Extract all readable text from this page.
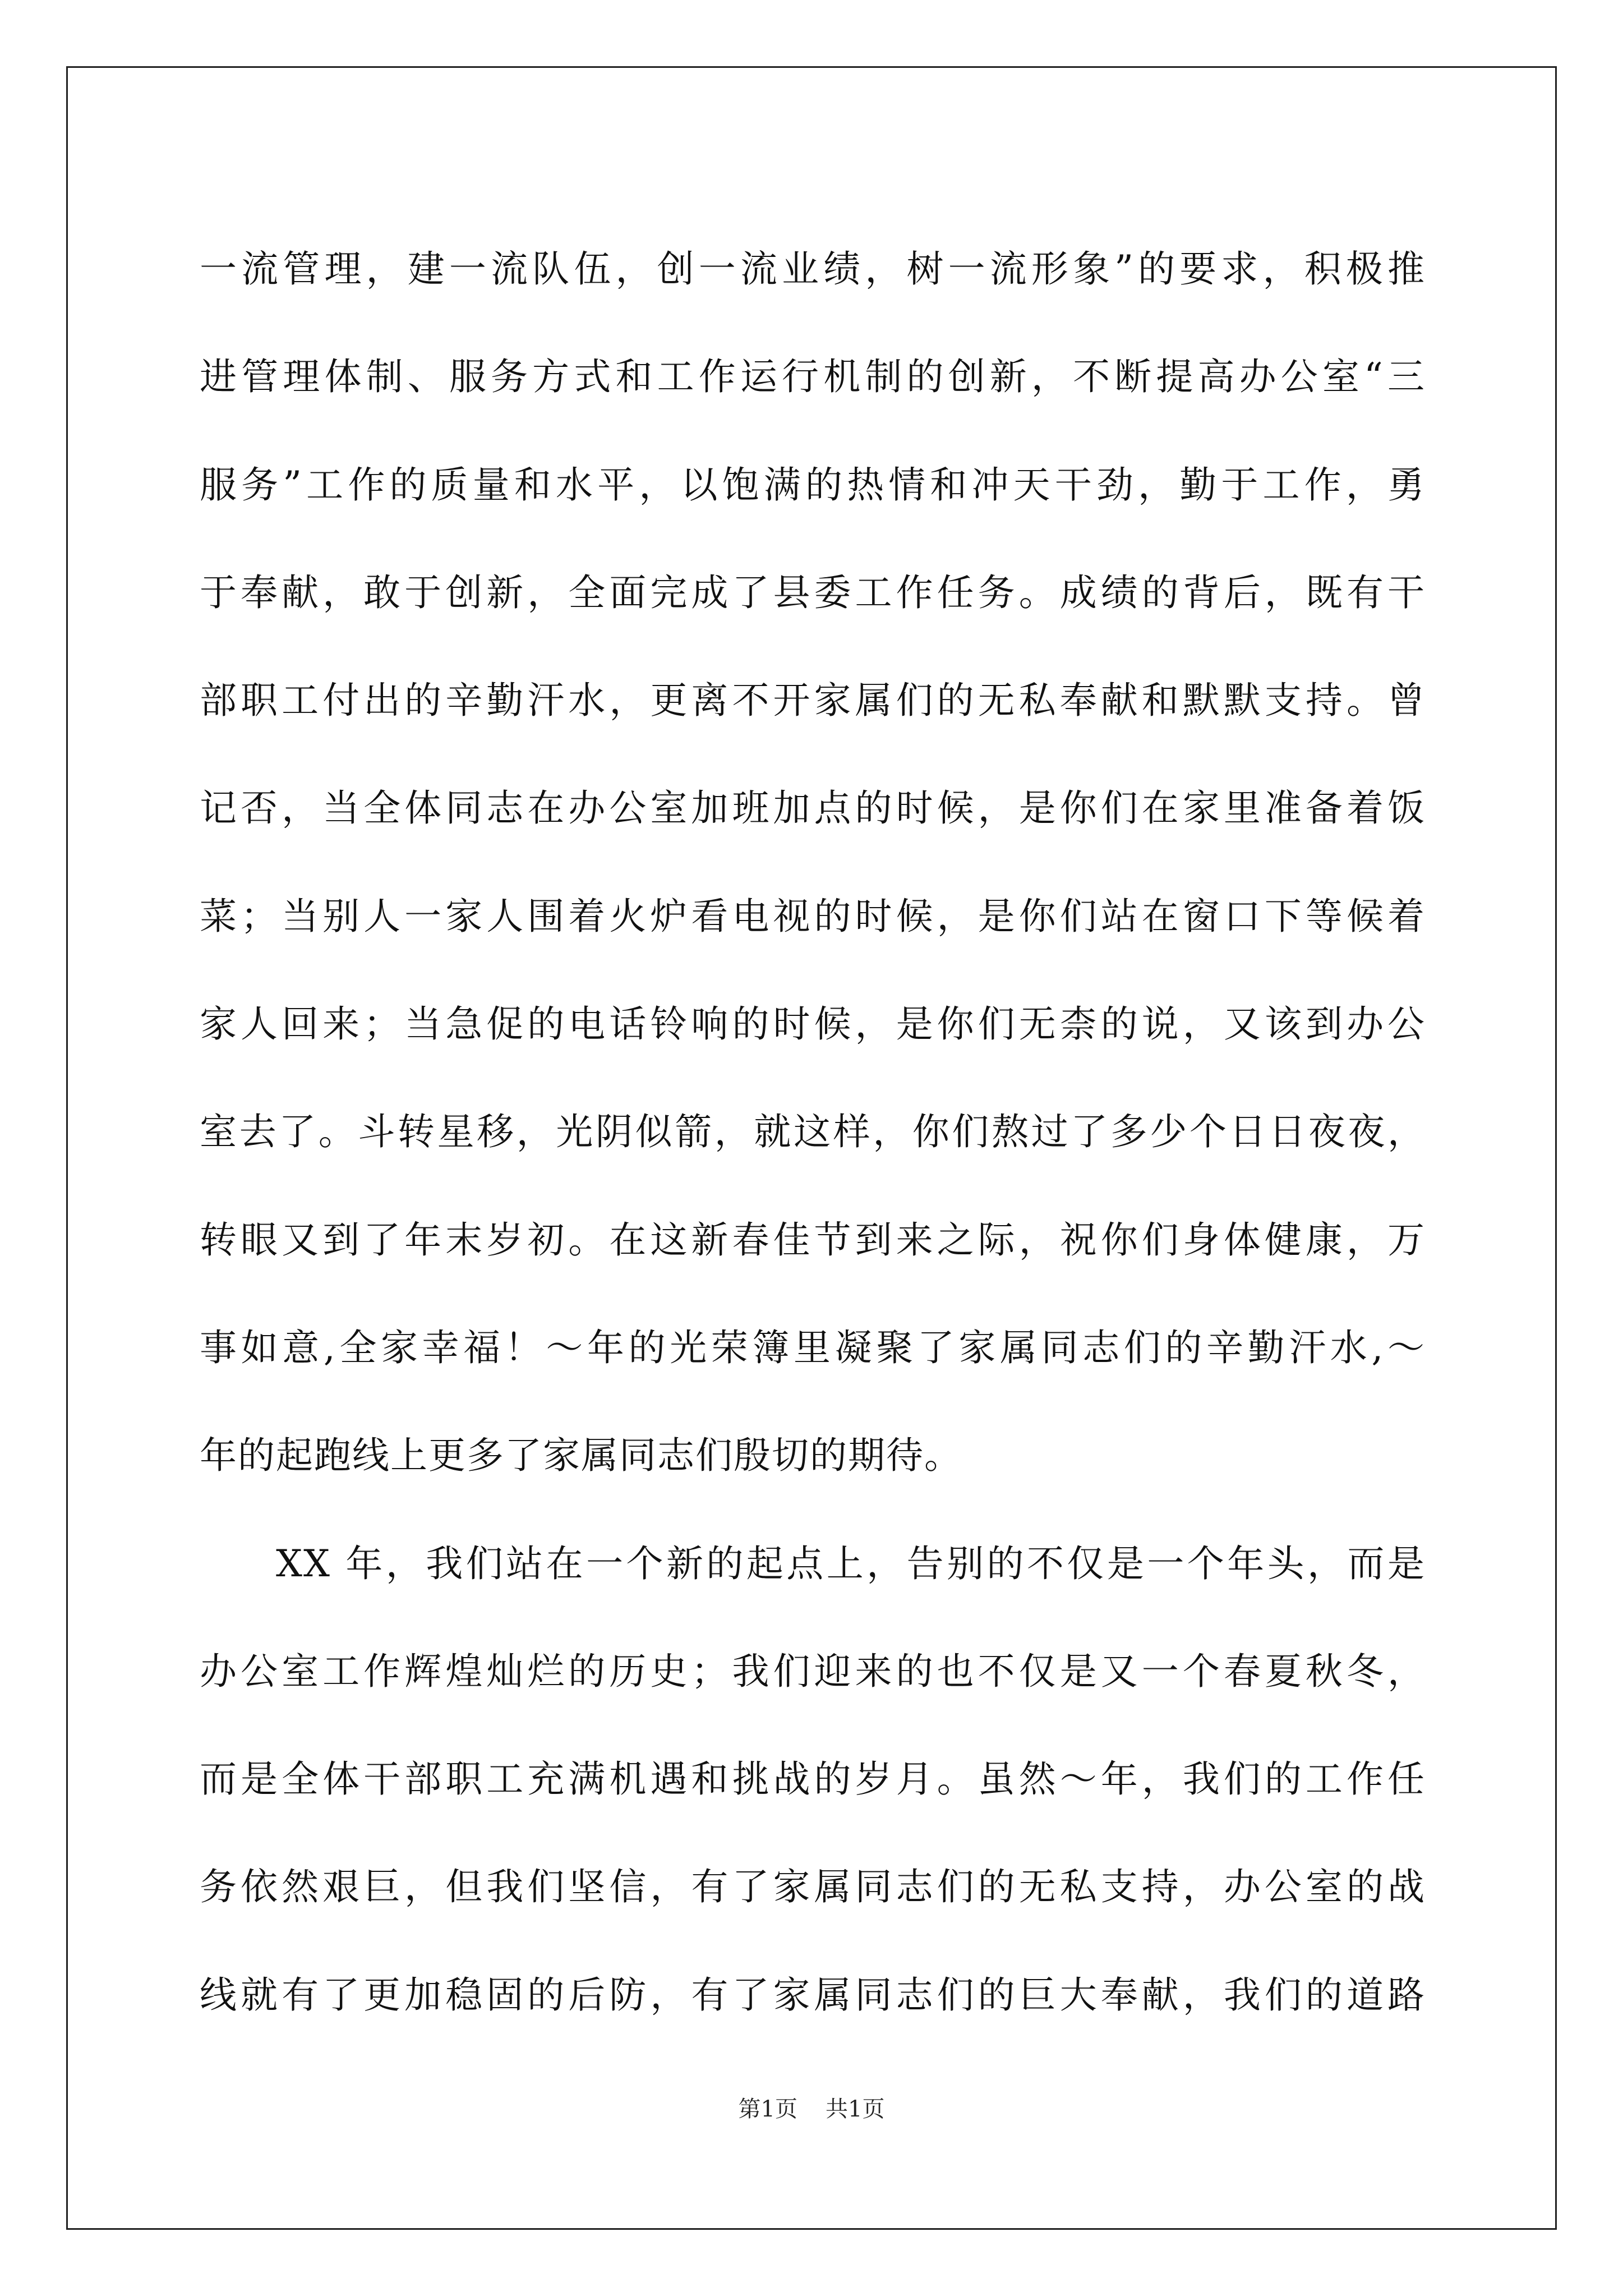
一流管理，建一流队伍，创一流业绩，树一流形象”的要求，积极推
进管理体制、服务方式和工作运行机制的创新，不断提高办公室“三
服务”工作的质量和水平，以饱满的热情和冲天干劲，勤于工作，勇
于奉献，敢于创新，全面完成了县委工作任务。成绩的背后，既有干
部职工付出的辛勤汗水，更离不开家属们的无私奉献和默默支持。曾
记否，当全体同志在办公室加班加点的时候，是你们在家里准备着饭
菜；当别人一家人围着火炉看电视的时候，是你们站在窗口下等候着
家人回来；当急促的电话铃响的时候，是你们无柰的说，又该到办公
室去了。斗转星移，光阴似箭，就这样，你们熬过了多少个日日夜夜，
转眼又到了年末岁初。在这新春佳节到来之际，祝你们身体健康，万
事如意,全家幸福！～年的光荣簿里凝聚了家属同志们的辛勤汗水,～
年的起跑线上更多了家属同志们殷切的期待。
XX 年，我们站在一个新的起点上，告别的不仅是一个年头，而是
办公室工作辉煌灿烂的历史；我们迎来的也不仅是又一个春夏秋冬，
而是全体干部职工充满机遇和挑战的岁月。虽然～年，我们的工作任
务依然艰巨，但我们坚信，有了家属同志们的无私支持，办公室的战
线就有了更加稳固的后防，有了家属同志们的巨大奉献，我们的道路
第1页 共1页
